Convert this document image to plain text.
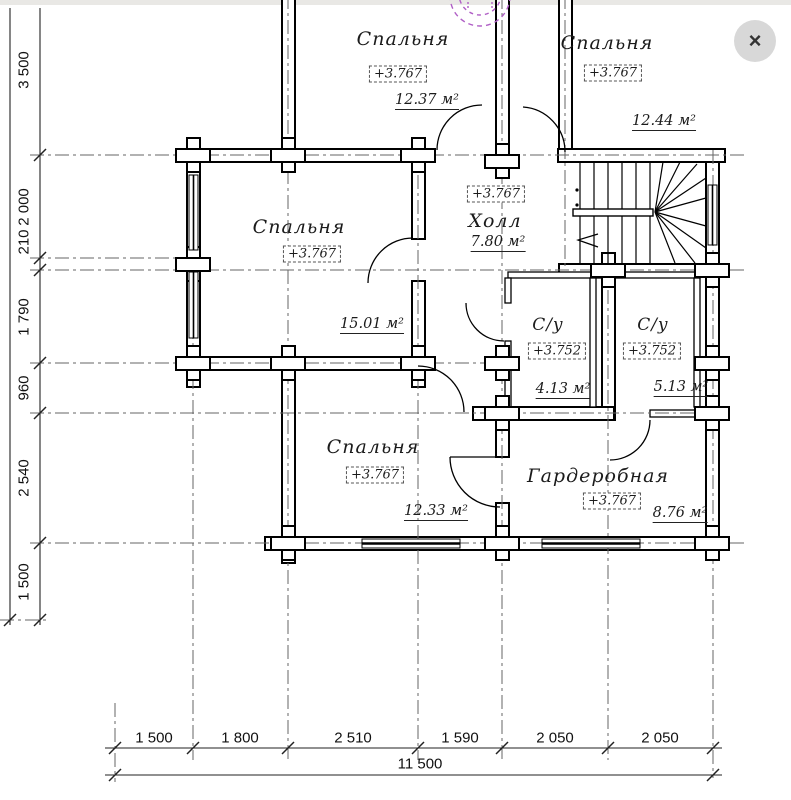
Спальня
+3.767
12.37 м²
Спальня
+3.767
12.44 м²
Спальня
+3.767
15.01 м²
+3.767
Холл
7.80 м²
С/у
+3.752
4.13 м²
С/у
+3.752
5.13 м²
Спальня
+3.767
12.33 м²
Гардеробная
+3.767
8.76 м²
3 500
2 000
210
1 790
960
2 540
1 500
1 500	1 800	2 510	1 590	2 050	2 050
11 500
×
